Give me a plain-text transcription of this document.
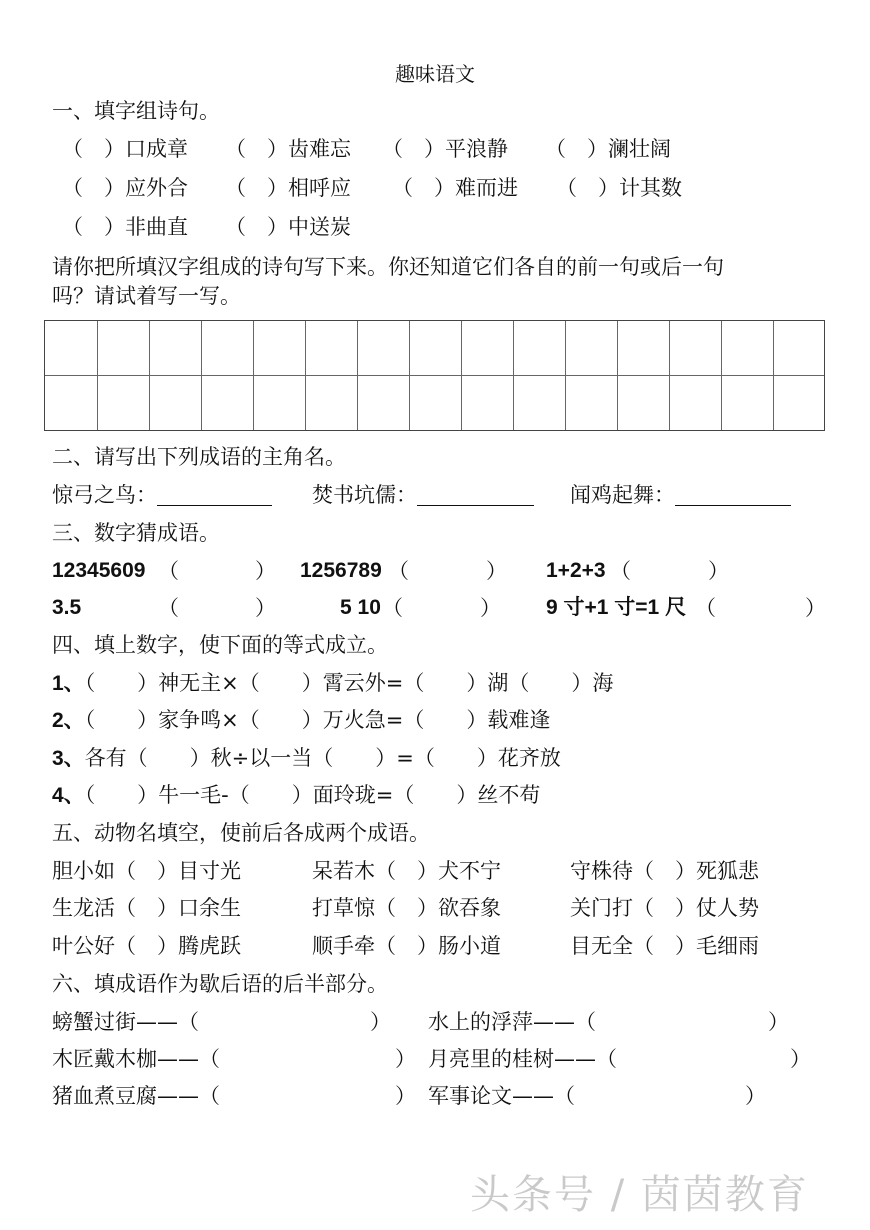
趣味语文
一、填字组诗句。
（　）口成章 （　）齿难忘 （　）平浪静 （　）澜壮阔
（　）应外合 （　）相呼应 （　）难而进 （　）计其数
（　）非曲直 （　）中送炭
请你把所填汉字组成的诗句写下来。你还知道它们各自的前一句或后一句
吗？请试着写一写。
二、请写出下列成语的主角名。
惊弓之鸟：	焚书坑儒：	闻鸡起舞：
三、数字猜成语。
12345609 （	） 1256789 （	） 1+2+3 （	）
3.5	（	）	5 10 （	） 9 寸+1 寸=1 尺 （	）
四、填上数字，使下面的等式成立。
1、（　　）神无主×（　　）霄云外=（　　）湖（　　）海
2、（　　）家争鸣×（　　）万火急=（　　）载难逢
3、各有（　　）秋÷以一当（　　）=（　　）花齐放
4、（　　）牛一毛-（　　）面玲珑=（　　）丝不苟
五、动物名填空，使前后各成两个成语。
胆小如（　）目寸光	呆若木（　）犬不宁	守株待（　）死狐悲
生龙活（　）口余生	打草惊（　）欲吞象	关门打（　）仗人势
叶公好（　）腾虎跃	顺手牵（　）肠小道	目无全（　）毛细雨
六、填成语作为歇后语的后半部分。
螃蟹过街——（	） 水上的浮萍——（	）
木匠戴木枷——（	） 月亮里的桂树——（	）
猪血煮豆腐——（	） 军事论文——（	）
头条号 / 茵茵教育
